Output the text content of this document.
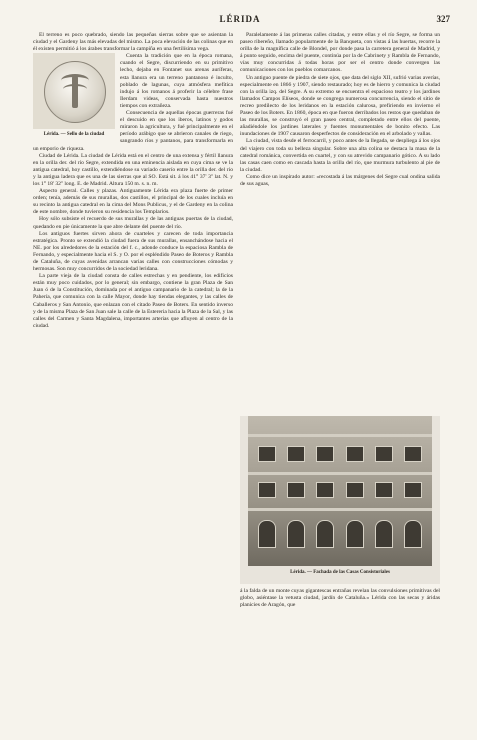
LÉRIDA	327

El terreno es poco quebrado, siendo las pequeñas sierras sobre que se asientan la ciudad y el Gardeny las más elevadas del mismo. La poca elevación de las colinas que en él existen permitió á los árabes transformar la campiña en una fertilísima vega.

Lérida. — Sello de la ciudad

Cuenta la tradición que en la época romana, cuando el Segre, discurriendo en su primitivo lecho, dejaba en Fontanet sus arenas auríferas, esta llanura era un terreno pantanoso é inculto, poblado de lagunas, cuya atmósfera mefítica indujo á los romanos á proferir la célebre frase Ilerdam videas, conservada hasta nuestros tiempos con extrañeza.

Consecuencia de aquellas épocas guerreras fué el descuido en que los iberos, latinos y godos miraron la agricultura, y fué principalmente en el período arábigo que se abrieron canales de riego, sangrando ríos y pantanos, para transformarla en un emporio de riqueza.

Ciudad de Lérida. La ciudad de Lérida está en el centro de una extensa y fértil llanura en la orilla der. del río Segre, extendida en una eminencia aislada en cuya cima se ve la antigua catedral, hoy castillo, extendiéndose su variado caserío entre la orilla der. del río y la antigua ladera que es una de las sierras que al SO. Está sit. á los 41° 37' 3'' lat. N. y los 1° 18' 32'' long. E. de Madrid. Altura 150 m. s. n. m.

Aspecto general. Calles y plazas. Antiguamente Lérida era plaza fuerte de primer orden; tenía, además de sus murallas, dos castillos, el principal de los cuales incluía en su recinto la antigua catedral en la cima del Mons Publicus, y el de Gardeny en la colina de este nombre, donde tuvieron su residencia los Templarios.

Hoy sólo subsiste el recuerdo de sus murallas y de las antiguas puertas de la ciudad, quedando en pie únicamente la que abre delante del puente del río.

Los antiguos fuertes sirven ahora de cuarteles y carecen de toda importancia estratégica. Pronto se extendió la ciudad fuera de sus murallas, ensanchándose hacia el NE. por los alrededores de la estación del f. c., adonde conduce la espaciosa Rambla de Fernando, y especialmente hacia el S. y O. por el espléndido Paseo de Boteros y Rambla de Cataluña, de cuyas avenidas arrancan varias calles con construcciones cómodas y hermosas. Son muy concurridos de la sociedad leridana.

La parte vieja de la ciudad consta de calles estrechas y en pendiente, los edificios están muy poco cuidados, por lo general; sin embargo, contiene la gran Plaza de San Juan ó de la Constitución, dominada por el antiguo campanario de la catedral; la de la Pahería, que comunica con la calle Mayor, donde hay tiendas elegantes, y las calles de Caballeros y San Antonio, que enlazan con el citado Paseo de Boters. En sentido inverso y de la misma Plaza de San Juan sale la calle de la Estereria hacia la Plaza de la Sal, y las calles del Carmen y Santa Magdalena, importantes arterias que afluyen al centro de la ciudad.

Paralelamente á las primeras calles citadas, y entre ellas y el río Segre, se forma un paseo ribereño, llamado popularmente de la Banqueta, con vistas á las huertas, recorre la orilla de la magnífica calle de Blondel, por donde pasa la carretera general de Madrid, y á punto seguido, encima del puente, continúa por la de Cabrinety y Rambla de Fernando, vías muy concurridas á todas horas por ser el centro donde convergen las comunicaciones con los pueblos comarcanos.

Un antiguo puente de piedra de siete ojos, que data del siglo XII, sufrió varias averías, especialmente en 1866 y 1907, siendo restaurado; hoy es de hierro y comunica la ciudad con la orilla izq. del Segre. A su extremo se encuentra el espacioso teatro y los jardines llamados Campos Elíseos, donde se congrega numerosa concurrencia, siendo el sitio de recreo predilecto de los leridanos en la estación calurosa, prefiriendo en invierno el Paseo de los Boters. En 1860, época en que fueron derribados los restos que quedaban de las murallas, se construyó el gran paseo central, completado entre ellos del puente, añadiéndole los jardines laterales y fuentes monumentales de bonito efecto. Las inundaciones de 1907 causaron desperfectos de consideración en el arbolado y vallas.

La ciudad, vista desde el ferrocarril, y poco antes de la llegada, se despliega á los ojos del viajero con toda su belleza singular. Sobre una alta colina se destaca la masa de la catedral románica, convertida en cuartel, y con su atrevido campanario gótico. A su lado las casas caen como en cascada hasta la orilla del río, que murmura turbulento al pie de la ciudad.

Como dice un inspirado autor: «recostada á las márgenes del Segre cual ondina salida de sus aguas,

Lérida. — Fachada de las Casas Consistoriales

á la falda de un monte cuyas gigantescas entrañas revelan las convulsiones primitivas del globo, asiéntase la vetusta ciudad, jardín de Cataluña.» Lérida con las secas y áridas planicies de Aragón, que
